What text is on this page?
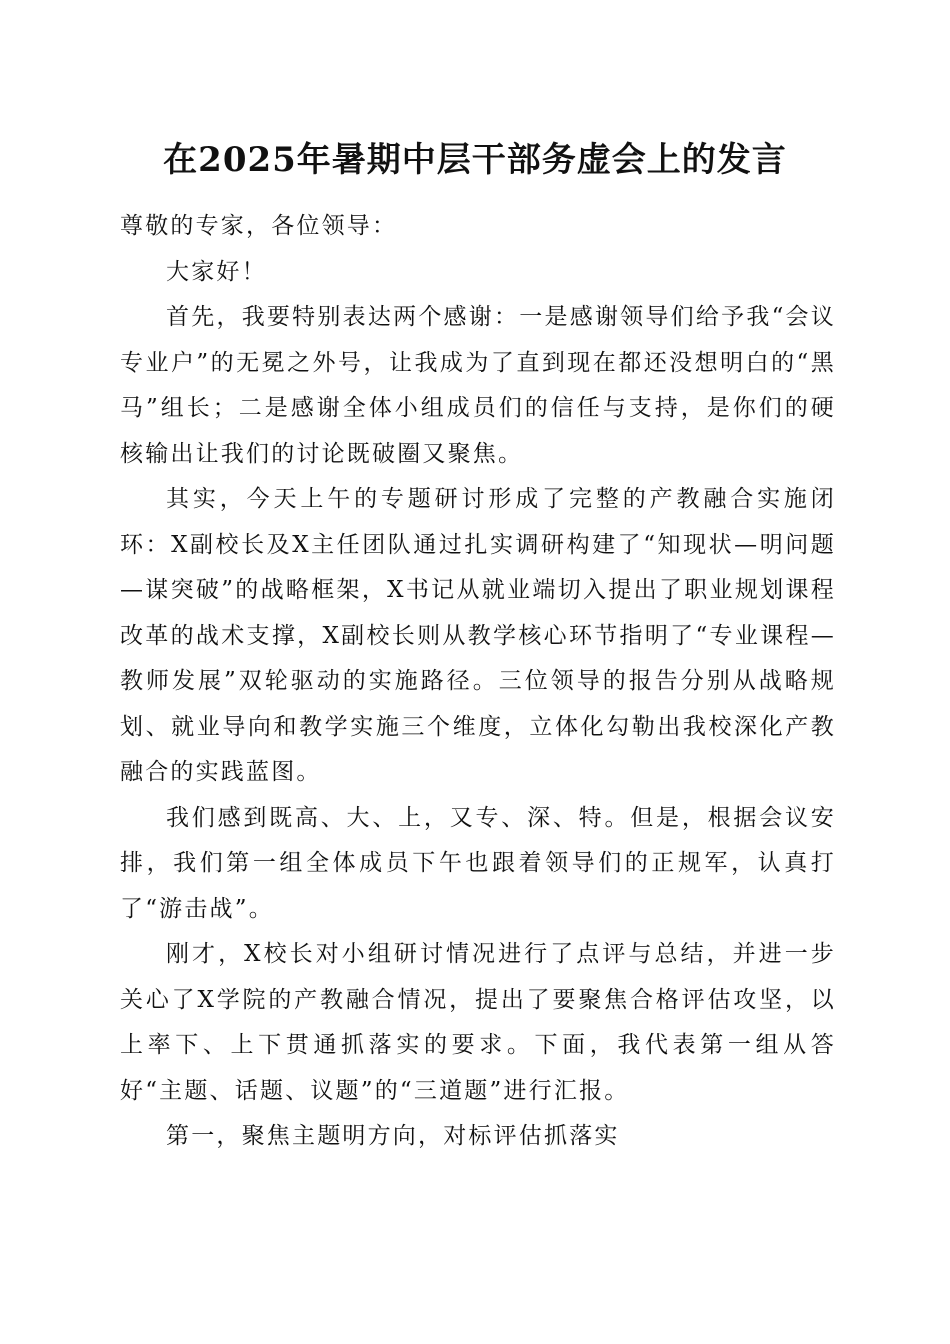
在2025年暑期中层干部务虚会上的发言

尊敬的专家，各位领导：

大家好！

首先，我要特别表达两个感谢：一是感谢领导们给予我“会议专业户”的无冕之外号，让我成为了直到现在都还没想明白的“黑马”组长；二是感谢全体小组成员们的信任与支持，是你们的硬核输出让我们的讨论既破圈又聚焦。

其实，今天上午的专题研讨形成了完整的产教融合实施闭环：X副校长及X主任团队通过扎实调研构建了“知现状—明问题—谋突破”的战略框架，X书记从就业端切入提出了职业规划课程改革的战术支撑，X副校长则从教学核心环节指明了“专业课程—教师发展”双轮驱动的实施路径。三位领导的报告分别从战略规划、就业导向和教学实施三个维度，立体化勾勒出我校深化产教融合的实践蓝图。

我们感到既高、大、上，又专、深、特。但是，根据会议安排，我们第一组全体成员下午也跟着领导们的正规军，认真打了“游击战”。

刚才，X校长对小组研讨情况进行了点评与总结，并进一步关心了X学院的产教融合情况，提出了要聚焦合格评估攻坚，以上率下、上下贯通抓落实的要求。下面，我代表第一组从答好“主题、话题、议题”的“三道题”进行汇报。

第一，聚焦主题明方向，对标评估抓落实
